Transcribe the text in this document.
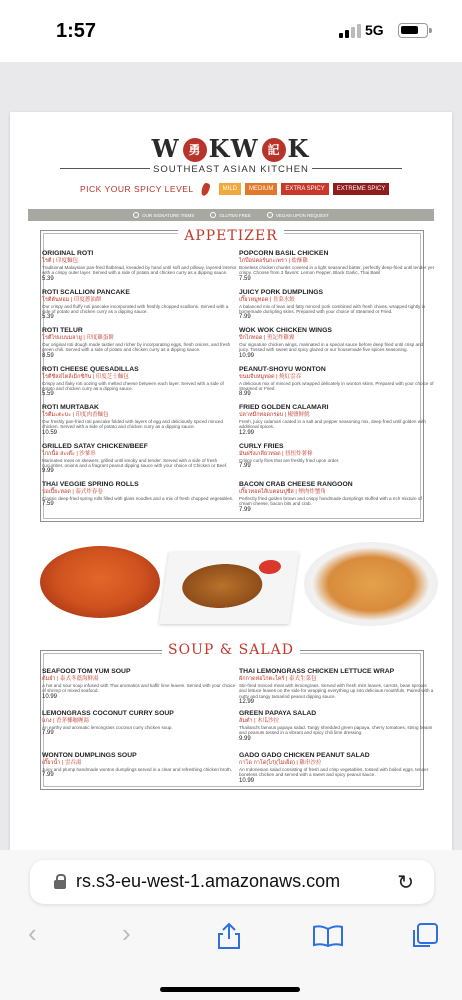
1:57	5G
W 勇 KW 記 K
SOUTHEAST ASIAN KITCHEN
PICK YOUR SPICY LEVEL	MILD	MEDIUM	EXTRA SPICY	EXTREME SPICY
OUR SIGNATURE ITEMS	GLUTEN FREE	VEGAN UPON REQUEST
APPETIZER
ORIGINAL ROTI
โรตี | 印度麵包
Traditional Malaysian pan-fried flatbread, kneaded by hand until soft and pillowy, layered interior with a crispy outer layer. Served with a side of potato and chicken curry as a dipping sauce.
5.39
ROTI SCALLION PANCAKE
โรตีต้นหอม | 印度蔥油餅
Our crispy and fluffy roti pancake incorporated with freshly chopped scallions. Served with a side of potato and chicken curry as a dipping sauce.
5.39
ROTI TELUR
โรตีไข่แบบมลายู | 印度雞蛋餅
Our original roti dough made tastier and richer by incorporating eggs, fresh onions, and fresh green chili. Served with a side of potato and chicken curry as a dipping sauce.
8.59
ROTI CHEESE QUESADILLAS
โรตีชีสสไตล์เม็กซิกัน | 印度芝士麵包
Crispy and flaky roti oozing with melted cheese between each layer. Served with a side of potato and chicken curry as a dipping sauce.
5.59
ROTI MURTABAK
โรตีมะตะบะ | 印度肉香麵包
Our freshly pan-fried roti pancake folded with layers of egg and deliciously spiced minced chicken. Served with a side of potato and chicken curry as a dipping sauce.
10.59
GRILLED SATAY CHICKEN/BEEF
ไก่/เนื้อ สะเต๊ะ | 沙爹串
Marinated meat on skewers, grilled until smoky and tender. Served with a side of fresh cucumber, onions and a fragrant peanut dipping sauce with your choice of Chicken or Beef.
9.99
THAI VEGGIE SPRING ROLLS
ปอเปี๊ยะทอด | 泰式炸春卷
Classic deep-fried spring rolls filled with glass noodles and a mix of fresh chopped vegetables.
7.59
POPCORN BASIL CHICKEN
ไก่ป๊อปคอร์นกะเพรา | 盐酥雞
Boneless chicken chunks covered in a light seasoned batter, perfectly deep-fried until tender yet crispy. Choose from 3 flavors: Lemon Pepper, Black Garlic, Thai Basil
7.59
JUICY PORK DUMPLINGS
เกี๊ยวหมูทอด | 韭菜水餃
A balanced mix of lean and fatty minced pork combined with fresh chives, wrapped tightly in homemade dumpling skins. Prepared with your choice of Steamed or Fried.
7.99
WOK WOK CHICKEN WINGS
ปีกไก่ทอด | 勇記炸雞翼
Our signature chicken wings, marinated in a special sauce before deep fried until crisp and juicy. Tossed with sweet and spicy glazed or our housemade five spices seasoning.
10.99
PEANUT-SHOYU WONTON
ขนมจีบหมูทอด | 燒紅雲吞
A delicious mix of minced pork wrapped delicately in wonton skins. Prepared with your choice of Steamed or Fried.
8.99
FRIED GOLDEN CALAMARI
ปลาหมึกทอดกรอบ | 椒鹽鮮魷
Fresh, juicy calamari coated in a salt and pepper seasoning mix, deep-fried until golden with additional spices.
12.99
CURLY FRIES
มันฝรั่งเกลียวทอด | 扭扭炸薯條
Crispy curly fries that are freshly fried upon order.
7.99
BACON CRAB CHEESE RANGOON
เกี๊ยวทอดไส้เบคอนปูชีส | 煙肉炸蟹角
Perfectly fried golden brown and crispy handmade dumplings stuffed with a rich mixture of cream cheese, bacon bits and crab.
7.99
SOUP & SALAD
SEAFOOD TOM YUM SOUP
ต้มยำ | 泰式冬蔭海鮮湯
A hot and sour soup infused with Thai aromatics and kaffir lime leaves. Served with your choice of shrimp or mixed seafood.
10.99
LEMONGRASS COCONUT CURRY SOUP
แกง | 香茅椰咖喱湯
An earthy and aromatic lemongrass coconut curry chicken soup.
7.99
WONTON DUMPLINGS SOUP
เกี๊ยวน้ำ | 雲吞湯
Juicy and plump handmade wonton dumplings served in a clear and refreshing chicken broth.
7.99
THAI LEMONGRASS CHICKEN LETTUCE WRAP
ผักกาดห่อไก่ตะไคร้ | 泰式生菜包
Stir-fried minced meat with lemongrass. Served with fresh mint leaves, carrots, bean sprouts and lettuce leaves on the side for wrapping everything up into delicious mouthfuls. Paired with a nutty and tangy tamarind peanut dipping sauce.
12.99
GREEN PAPAYA SALAD
ส้มตำ | 木瓜沙拉
Thailand's famous papaya salad. Tangy shredded green papaya, cherry tomatoes, string beans and peanuts tossed in a vibrant and spicy chili lime dressing.
9.99
GADO GADO CHICKEN PEANUT SALAD
กาโด กาโด(ไก่)(ไม่เผ็ด) | 雞串沙拉
An Indonesian salad consisting of fresh and crisp vegetables, tossed with boiled eggs, tender boneless chicken and served with a sweet and spicy peanut sauce.
10.99
rs.s3-eu-west-1.amazonaws.com	↻
‹	›
